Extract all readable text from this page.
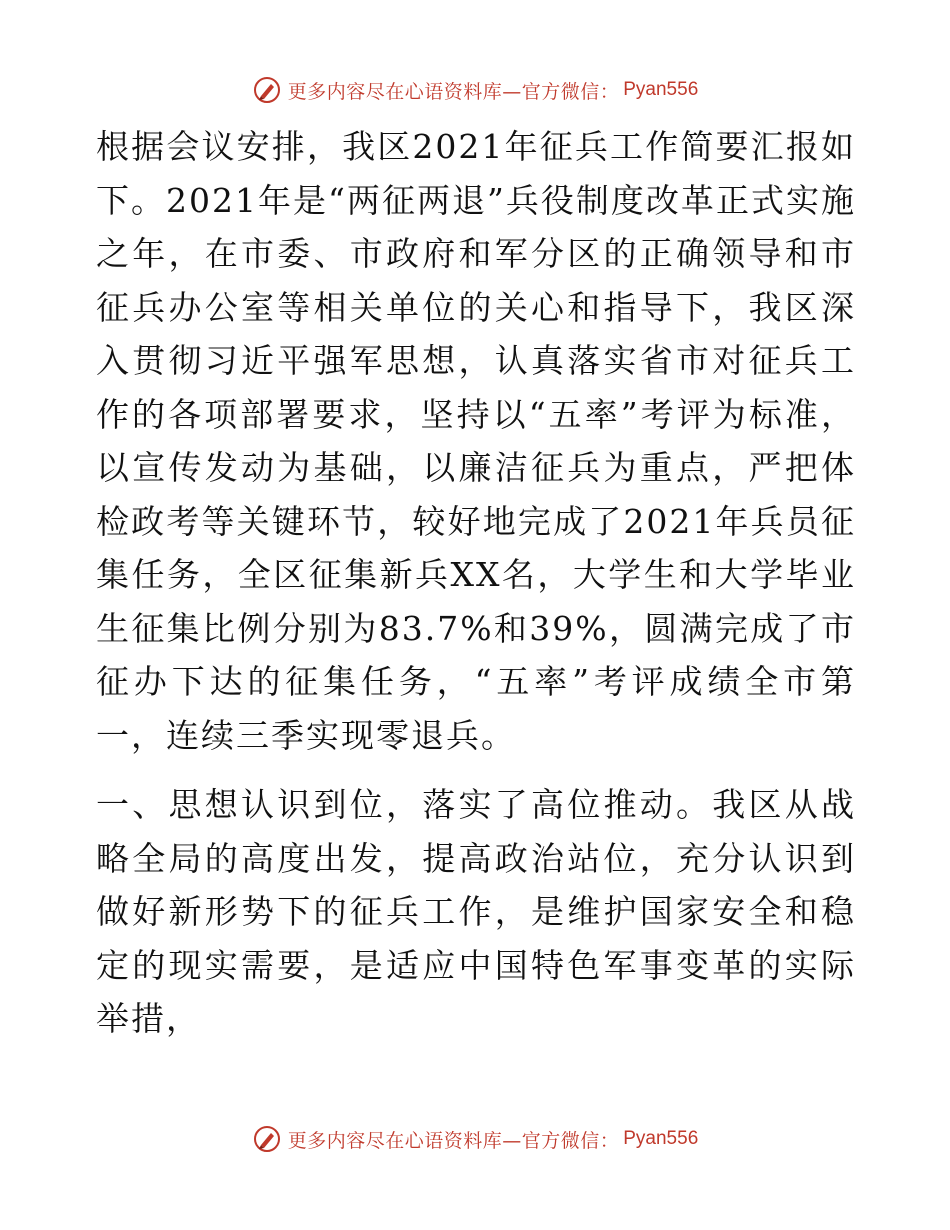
更多内容尽在心语资料库—官方微信： Pyan556

根据会议安排，我区2021年征兵工作简要汇报如下。2021年是“两征两退”兵役制度改革正式实施之年，在市委、市政府和军分区的正确领导和市征兵办公室等相关单位的关心和指导下，我区深入贯彻习近平强军思想，认真落实省市对征兵工作的各项部署要求，坚持以“五率”考评为标准，以宣传发动为基础，以廉洁征兵为重点，严把体检政考等关键环节，较好地完成了2021年兵员征集任务，全区征集新兵XX名，大学生和大学毕业生征集比例分别为83.7%和39%，圆满完成了市征办下达的征集任务，“五率”考评成绩全市第一，连续三季实现零退兵。

一、思想认识到位，落实了高位推动。我区从战略全局的高度出发，提高政治站位，充分认识到做好新形势下的征兵工作，是维护国家安全和稳定的现实需要，是适应中国特色军事变革的实际举措，

更多内容尽在心语资料库—官方微信： Pyan556
